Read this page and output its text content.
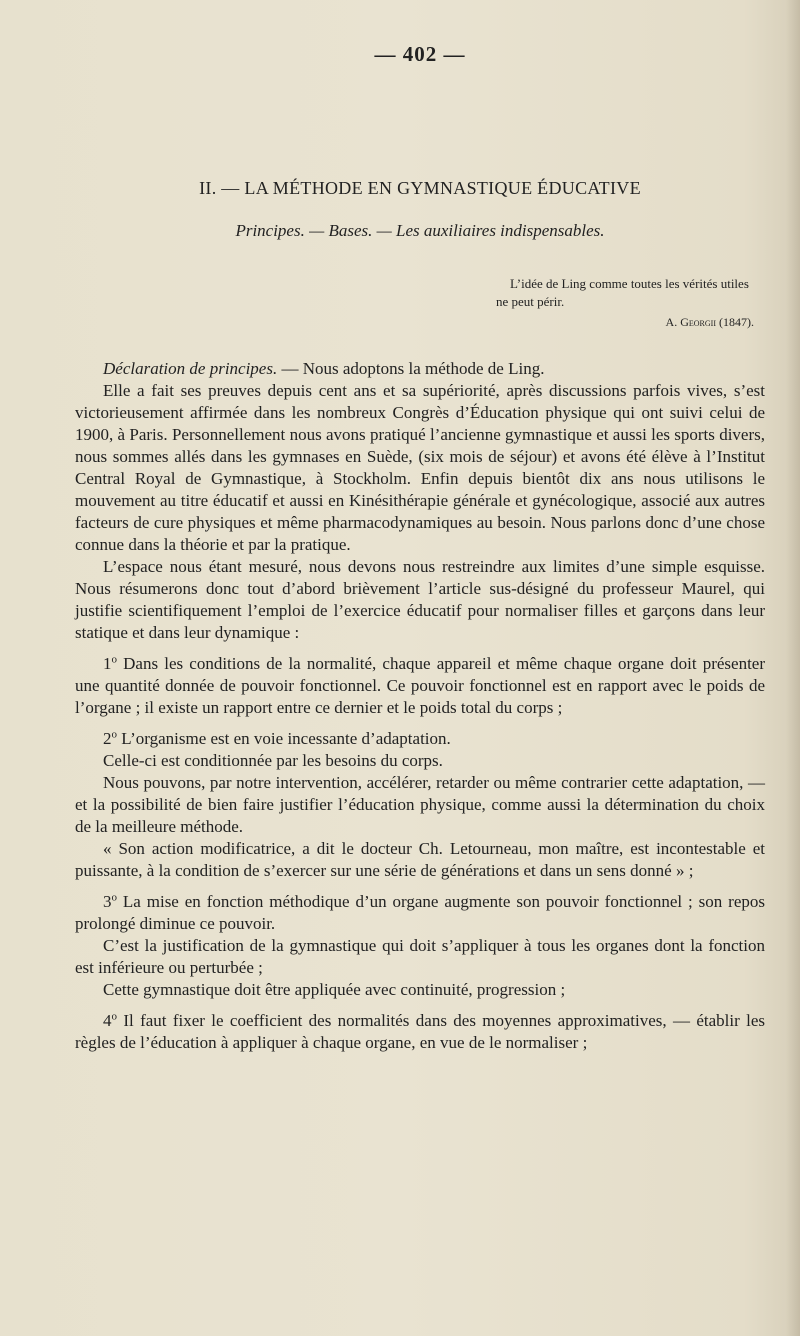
— 402 —
II. — LA MÉTHODE EN GYMNASTIQUE ÉDUCATIVE
Principes. — Bases. — Les auxiliaires indispensables.
L’idée de Ling comme toutes les vérités utiles ne peut périr.
A. Georgii (1847).

Déclaration de principes. — Nous adoptons la méthode de Ling.

Elle a fait ses preuves depuis cent ans et sa supériorité, après discussions parfois vives, s’est victorieusement affirmée dans les nombreux Congrès d’Éducation physique qui ont suivi celui de 1900, à Paris. Personnellement nous avons pratiqué l’ancienne gymnastique et aussi les sports divers, nous sommes allés dans les gymnases en Suède, (six mois de séjour) et avons été élève à l’Institut Central Royal de Gymnastique, à Stockholm. Enfin depuis bientôt dix ans nous utilisons le mouvement au titre éducatif et aussi en Kinésithérapie générale et gynécologique, associé aux autres facteurs de cure physiques et même pharmacodynamiques au besoin. Nous parlons donc d’une chose connue dans la théorie et par la pratique.

L’espace nous étant mesuré, nous devons nous restreindre aux limites d’une simple esquisse. Nous résumerons donc tout d’abord brièvement l’article sus-désigné du professeur Maurel, qui justifie scientifiquement l’emploi de l’exercice éducatif pour normaliser filles et garçons dans leur statique et dans leur dynamique :

1$^o$ Dans les conditions de la normalité, chaque appareil et même chaque organe doit présenter une quantité donnée de pouvoir fonctionnel. Ce pouvoir fonctionnel est en rapport avec le poids de l’organe ; il existe un rapport entre ce dernier et le poids total du corps ;

2$^o$ L’organisme est en voie incessante d’adaptation.

Celle-ci est conditionnée par les besoins du corps.

Nous pouvons, par notre intervention, accélérer, retarder ou même contrarier cette adaptation, — et la possibilité de bien faire justifier l’éducation physique, comme aussi la détermination du choix de la meilleure méthode.

« Son action modificatrice, a dit le docteur Ch. Letourneau, mon maître, est incontestable et puissante, à la condition de s’exercer sur une série de générations et dans un sens donné » ;

3$^o$ La mise en fonction méthodique d’un organe augmente son pouvoir fonctionnel ; son repos prolongé diminue ce pouvoir.

C’est la justification de la gymnastique qui doit s’appliquer à tous les organes dont la fonction est inférieure ou perturbée ;

Cette gymnastique doit être appliquée avec continuité, progression ;

4$^o$ Il faut fixer le coefficient des normalités dans des moyennes approximatives, — établir les règles de l’éducation à appliquer à chaque organe, en vue de le normaliser ;
